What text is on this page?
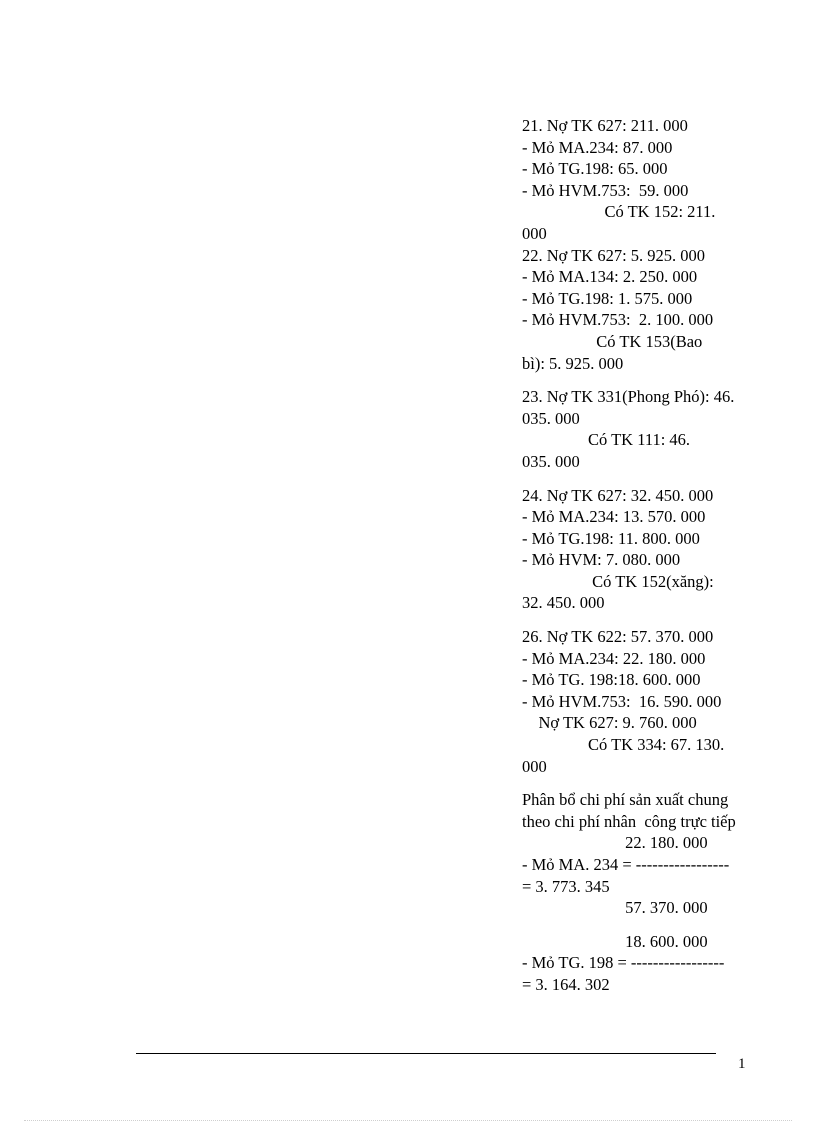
21. Nợ TK 627: 211. 000
- Mỏ MA.234: 87. 000
- Mỏ TG.198: 65. 000
- Mỏ HVM.753:  59. 000
Có TK 152: 211.
000
22. Nợ TK 627: 5. 925. 000
- Mỏ MA.134: 2. 250. 000
- Mỏ TG.198: 1. 575. 000
- Mỏ HVM.753:  2. 100. 000
Có TK 153(Bao
bì): 5. 925. 000
23. Nợ TK 331(Phong Phó): 46.
035. 000
Có TK 111: 46.
035. 000
24. Nợ TK 627: 32. 450. 000
- Mỏ MA.234: 13. 570. 000
- Mỏ TG.198: 11. 800. 000
- Mỏ HVM: 7. 080. 000
Có TK 152(xăng):
32. 450. 000
26. Nợ TK 622: 57. 370. 000
- Mỏ MA.234: 22. 180. 000
- Mỏ TG. 198:18. 600. 000
- Mỏ HVM.753:  16. 590. 000
Nợ TK 627: 9. 760. 000
Có TK 334: 67. 130.
000
Phân bổ chi phí sản xuất chung
theo chi phí nhân  công trực tiếp
22. 180. 000
- Mỏ MA. 234 = -----------------
= 3. 773. 345
57. 370. 000
18. 600. 000
- Mỏ TG. 198 = -----------------
= 3. 164. 302
1
